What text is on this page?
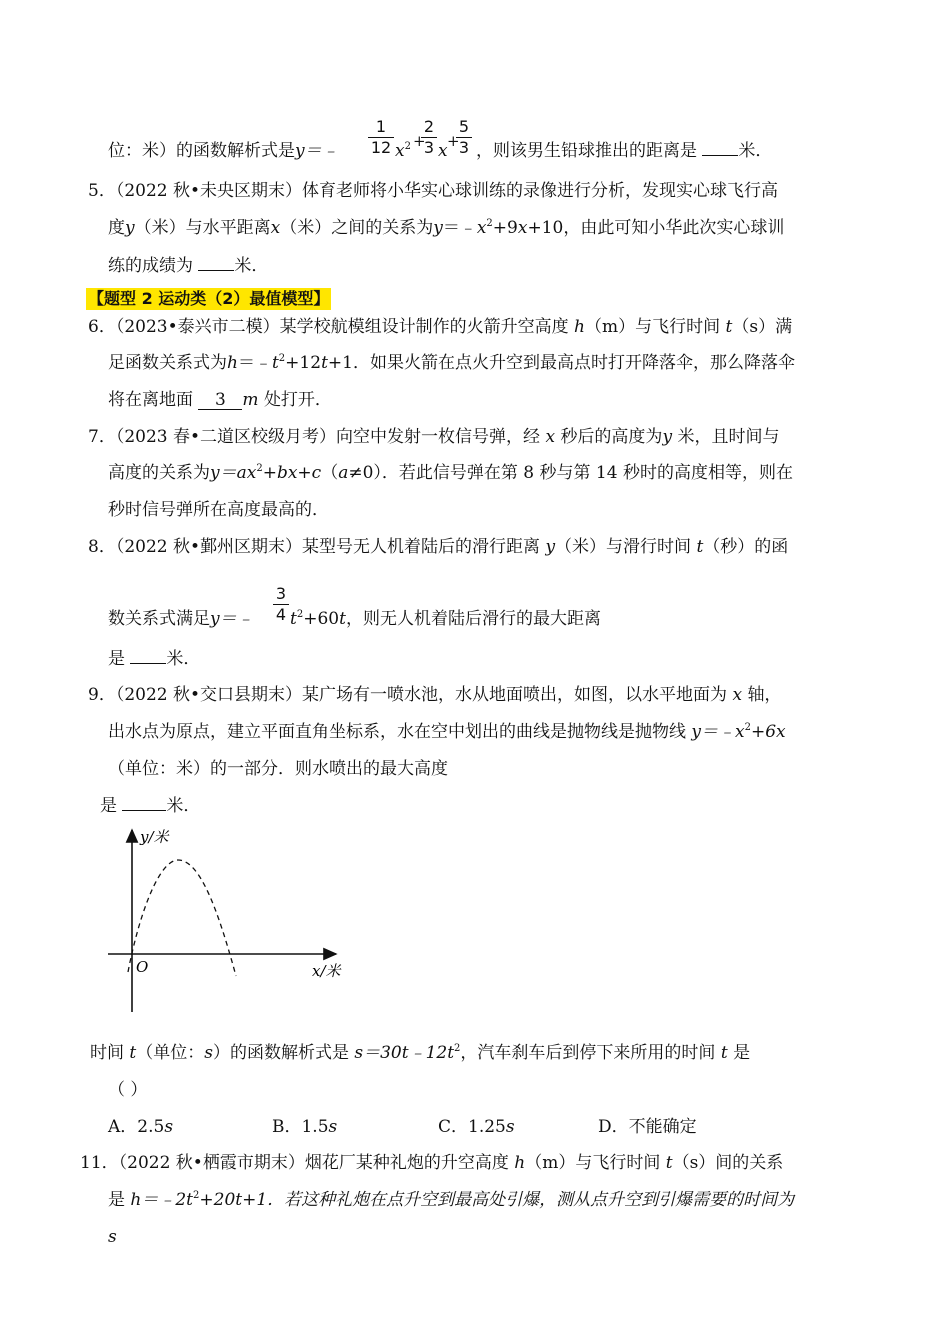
位：米）的函数解析式是y＝﹣
1
12 $x^2$ +
2
3 x +
5
3 ，则该男生铅球推出的距离是 米．
5．（2022 秋•未央区期末）体育老师将小华实心球训练的录像进行分析，发现实心球飞行高
度y（米）与水平距离x（米）之间的关系为$y=﹣x^2+9x+10$，由此可知小华此次实心球训
练的成绩为 米．
【题型 2 运动类（2）最值模型】
6．（2023•泰兴市二模）某学校航模组设计制作的火箭升空高度 h（m）与飞行时间 t（s）满
足函数关系式为$h=﹣t^2+12t+1$．如果火箭在点火升空到最高点时打开降落伞，那么降落伞
将在离地面 3 m 处打开．
7．（2023 春•二道区校级月考）向空中发射一枚信号弹，经 x 秒后的高度为y 米，且时间与
高度的关系为$y=ax^2+bx+c(a\ne 0)$．若此信号弹在第 8 秒与第 14 秒时的高度相等，则在
秒时信号弹所在高度最高的．
8．（2022 秋•鄞州区期末）某型号无人机着陆后的滑行距离 y（米）与滑行时间 t（秒）的函
数关系式满足y＝﹣
3
4 $t^2+60t$，则无人机着陆后滑行的最大距离
是 米．
9．（2022 秋•交口县期末）某广场有一喷水池，水从地面喷出，如图，以水平地面为 x 轴，
出水点为原点，建立平面直角坐标系，水在空中划出的曲线是抛物线是抛物线 $y=﹣x^2+6x$
（单位：米）的一部分．则水喷出的最大高度
是	米．
y/米
x/米
O
时间 t（单位：s）的函数解析式是 $s=30t﹣12t^2$，汽车刹车后到停下来所用的时间 t 是
（ ）
A．2.5s	B．1.5s	C．1.25s	D．不能确定
11．（2022 秋•栖霞市期末）烟花厂某种礼炮的升空高度 h（m）与飞行时间 t（s）间的关系
是 $h=﹣2t^2+20t+1$．若这种礼炮在点升空到最高处引爆，测从点升空到引爆需要的时间为
s
